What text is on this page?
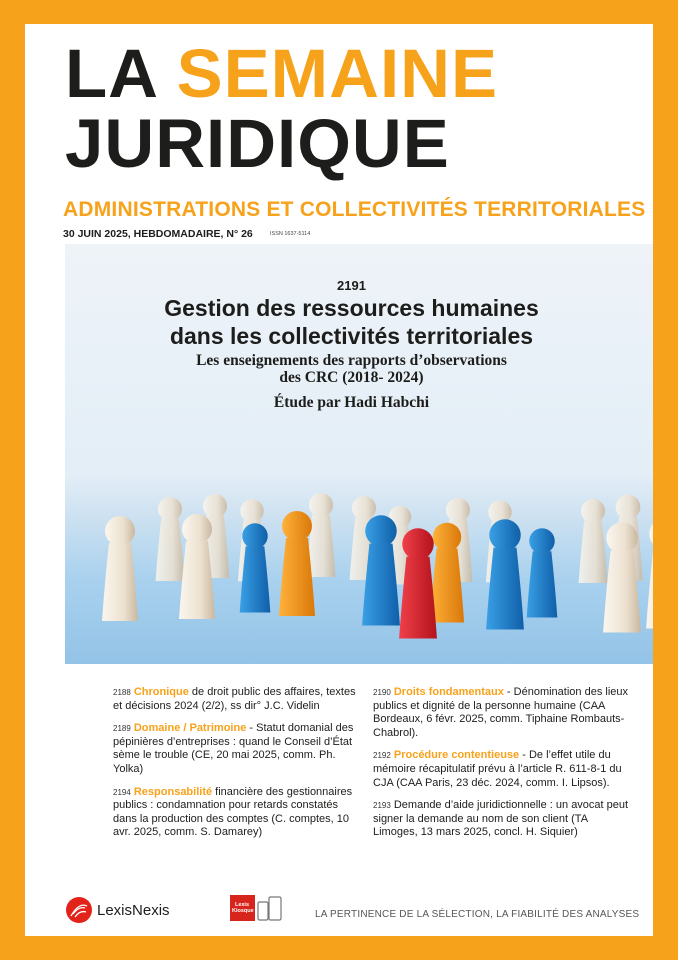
LA SEMAINE
JURIDIQUE
ADMINISTRATIONS ET COLLECTIVITÉS TERRITORIALES
30 JUIN 2025, HEBDOMADAIRE, N° 26	ISSN 1637-5114
2191
Gestion des ressources humaines
dans les collectivités territoriales
Les enseignements des rapports d’observations
des CRC (2018- 2024)
Étude par Hadi Habchi
2188 Chronique de droit public des affaires, textes et décisions 2024 (2/2), ss dir° J.C. Videlin
2189 Domaine / Patrimoine - Statut domanial des pépinières d’entreprises : quand le Conseil d’État sème le trouble (CE, 20 mai 2025, comm. Ph. Yolka)
2194 Responsabilité financière des gestionnaires publics : condamnation pour retards constatés dans la production des comptes (C. comptes, 10 avr. 2025, comm. S. Damarey)
2190 Droits fondamentaux - Dénomination des lieux publics et dignité de la personne humaine (CAA Bordeaux, 6 févr. 2025, comm. Tiphaine Rombauts-Chabrol).
2192 Procédure contentieuse - De l’effet utile du mémoire récapitulatif prévu à l’article R. 611-8-1 du CJA (CAA Paris, 23 déc. 2024, comm. I. Lipsos).
2193 Demande d’aide juridictionnelle : un avocat peut signer la demande au nom de son client (TA Limoges, 13 mars 2025, concl. H. Siquier)
LexisNexis	Lexis Kiosque	LA PERTINENCE DE LA SÉLECTION, LA FIABILITÉ DES ANALYSES
